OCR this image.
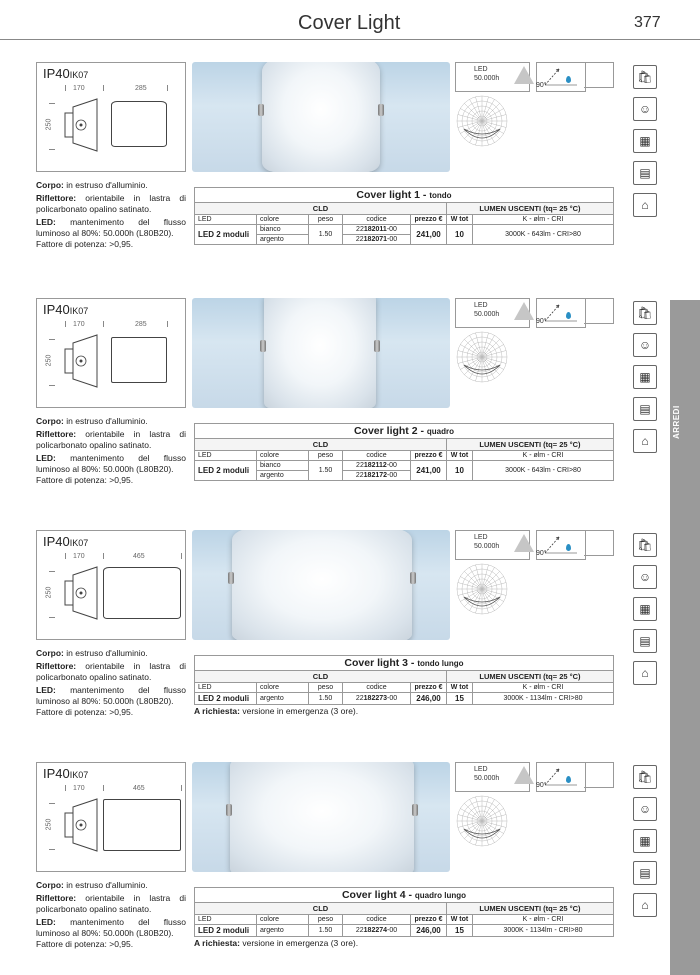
Cover Light	377
ARREDI
IP40IK07
170	285
250
LED
50.000h
90°
🛍
☺
▦
▤
⌂

Corpo: in estruso d'alluminio.

Riflettore: orientabile in lastra di policarbonato opalino satinato.

LED: mantenimento del flusso luminoso al 80%: 50.000h (L80B20).
Fattore di potenza: >0,95.

Cover light 1 - tondo						
CLD					LUMEN USCENTI (tq= 25 °C)	
LED	colore	peso	codice	prezzo €	W tot	K - ølm - CRI
LED 2 moduli	bianco	1.50	22182011-00	241,00	10	3000K - 643lm - CRI>80
	argento		22182071-00			
IP40IK07
170	285
250
LED
50.000h
90°
🛍
☺
▦
▤
⌂

Corpo: in estruso d'alluminio.

Riflettore: orientabile in lastra di policarbonato opalino satinato.

LED: mantenimento del flusso luminoso al 80%: 50.000h (L80B20).
Fattore di potenza: >0,95.

Cover light 2 - quadro						
CLD					LUMEN USCENTI (tq= 25 °C)	
LED	colore	peso	codice	prezzo €	W tot	K - ølm - CRI
LED 2 moduli	bianco	1.50	22182112-00	241,00	10	3000K - 643lm - CRI>80
	argento		22182172-00			
IP40IK07
170	465
250
LED
50.000h
90°
🛍
☺
▦
▤
⌂

Corpo: in estruso d'alluminio.

Riflettore: orientabile in lastra di policarbonato opalino satinato.

LED: mantenimento del flusso luminoso al 80%: 50.000h (L80B20).
Fattore di potenza: >0,95.

Cover light 3 - tondo lungo						
CLD					LUMEN USCENTI (tq= 25 °C)	
LED	colore	peso	codice	prezzo €	W tot	K - ølm - CRI
LED 2 moduli	argento	1.50	22182273-00	246,00	15	3000K - 1134lm - CRI>80
A richiesta: versione in emergenza (3 ore).
IP40IK07
170	465
250
LED
50.000h
90°
🛍
☺
▦
▤
⌂

Corpo: in estruso d'alluminio.

Riflettore: orientabile in lastra di policarbonato opalino satinato.

LED: mantenimento del flusso luminoso al 80%: 50.000h (L80B20).
Fattore di potenza: >0,95.

Cover light 4 - quadro lungo						
CLD					LUMEN USCENTI (tq= 25 °C)	
LED	colore	peso	codice	prezzo €	W tot	K - ølm - CRI
LED 2 moduli	argento	1.50	22182274-00	246,00	15	3000K - 1134lm - CRI>80
A richiesta: versione in emergenza (3 ore).
